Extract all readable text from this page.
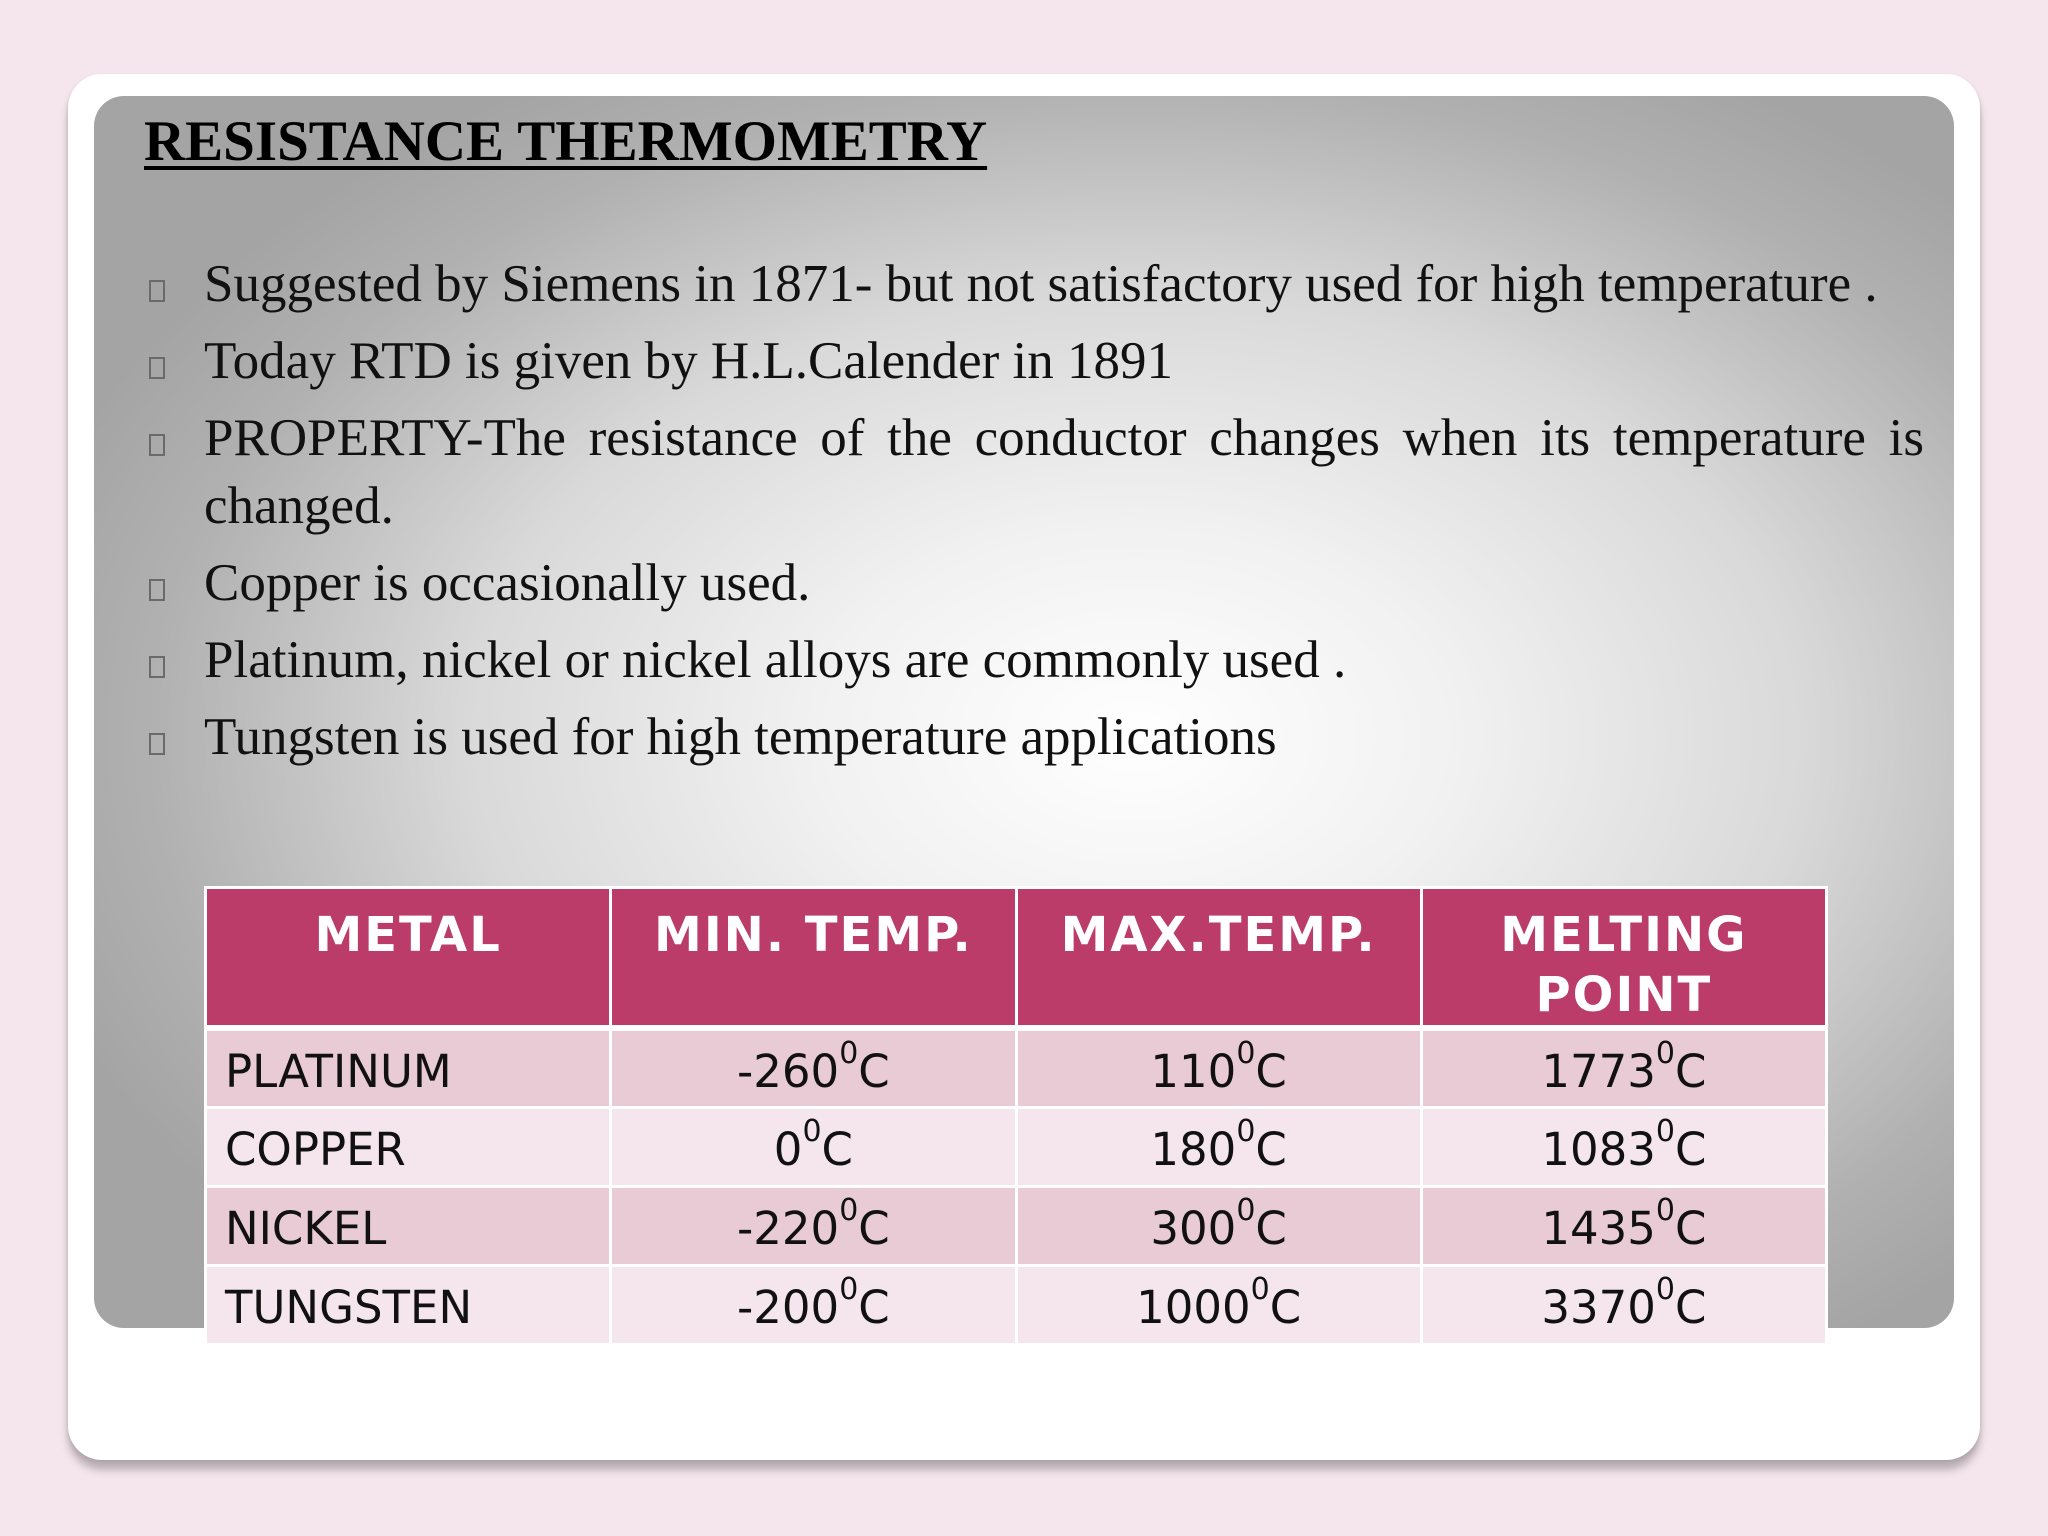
RESISTANCE THERMOMETRY
Suggested by Siemens in 1871- but not satisfactory used for high temperature .
Today RTD is given by H.L.Calender in 1891
PROPERTY-The resistance of the conductor changes when its temperature is changed.
Copper is occasionally used.
Platinum, nickel or nickel alloys are commonly used .
Tungsten is used for high temperature applications
METAL	MIN. TEMP.	MAX.TEMP.	MELTING POINT
PLATINUM	$-260^0C$	$110^0C$	1773$^0$C
COPPER	$0^0C$	$180^0C$	1083$^0$C
NICKEL	$-220^0C$	$300^0C$	1435$^0$C
TUNGSTEN	$-200^0C$	1000$^0$C	3370$^0$C
